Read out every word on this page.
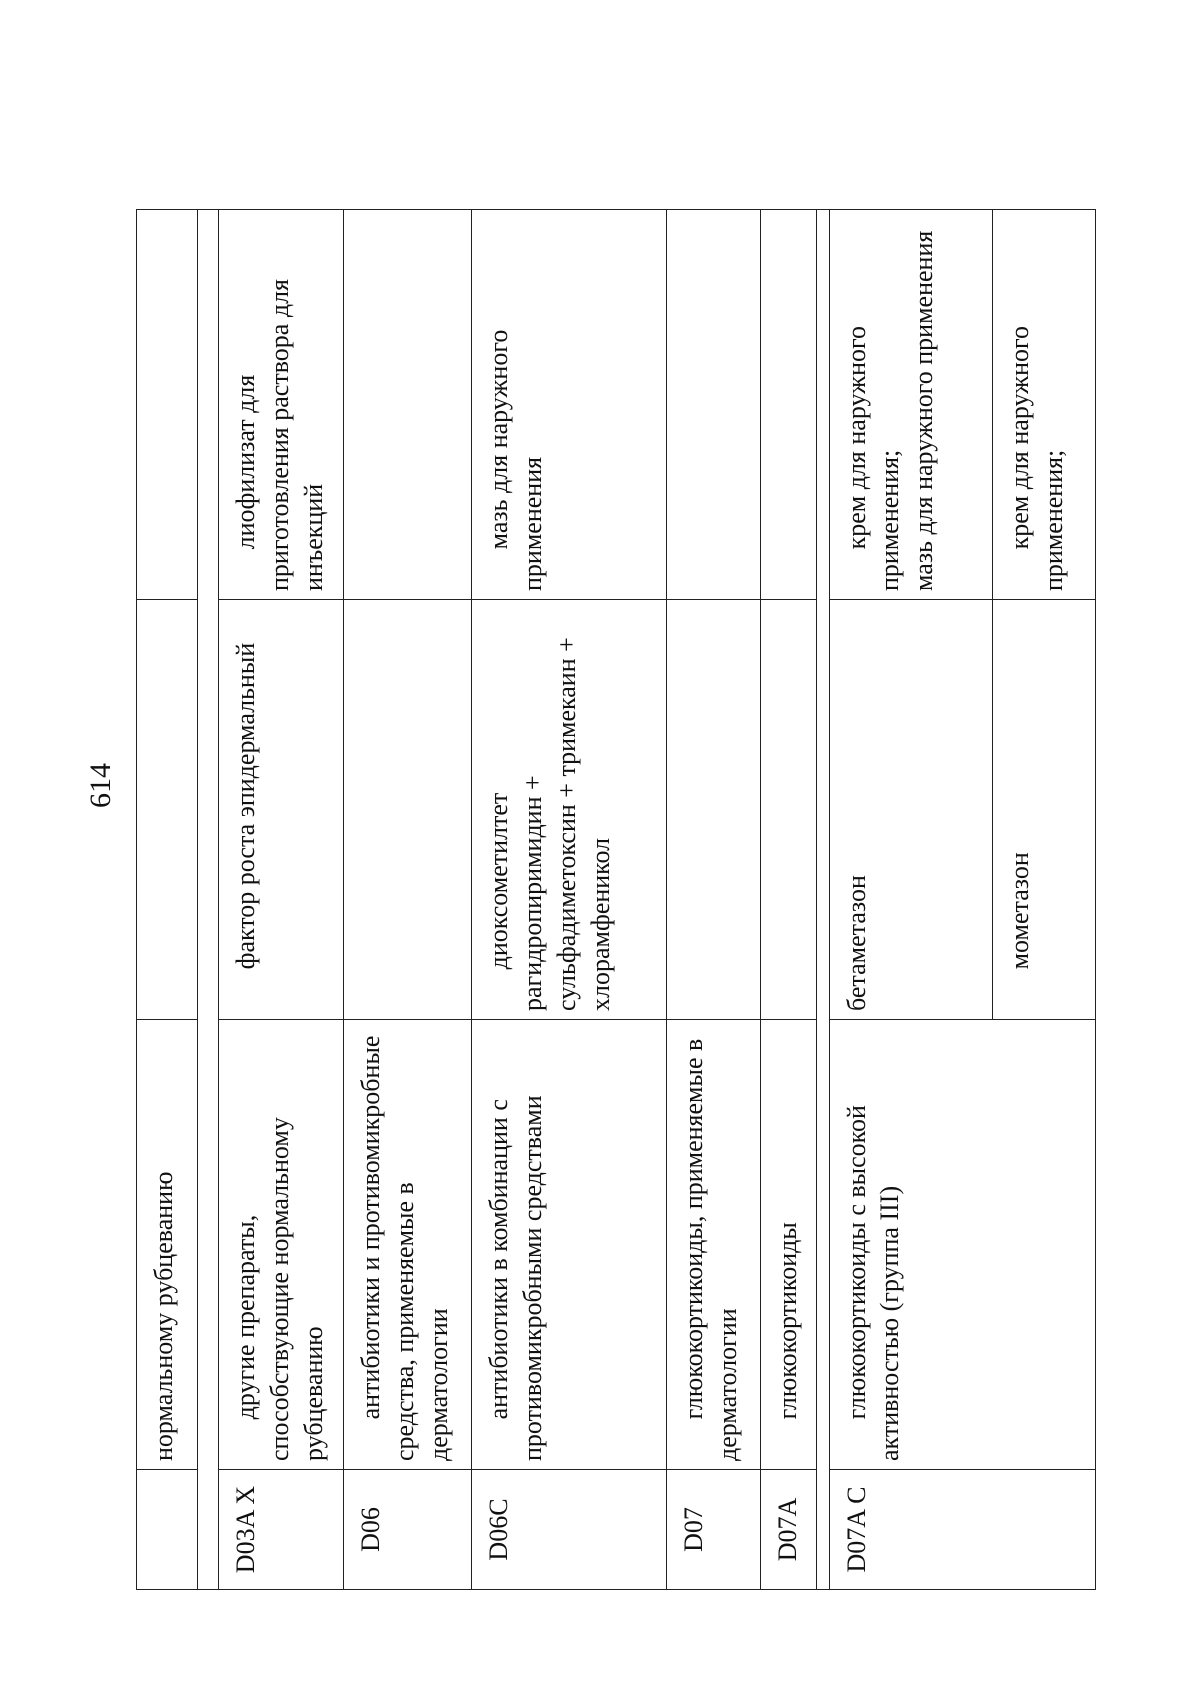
614
	нормальному рубцеванию		

D03A X	другие препараты, способствующие нормальному рубцеванию	фактор роста эпидермальный	лиофилизат для приготовления раствора для инъекций
D06	антибиотики и противомикробные средства, применяемые в дерматологии		
D06C	антибиотики в комбинации с противомикробными средствами	диоксометилтет рагидропиримидин + сульфадиметоксин + тримекаин + хлорамфеникол	мазь для наружного применения
D07	глюкокортикоиды, применяемые в дерматологии		
D07A	глюкокортикоиды		

D07A C	глюкокортикоиды с высокой активностью (группа III)	бетаметазон	крем для наружного применения;
мазь для наружного применения
		мометазон	крем для наружного применения;
